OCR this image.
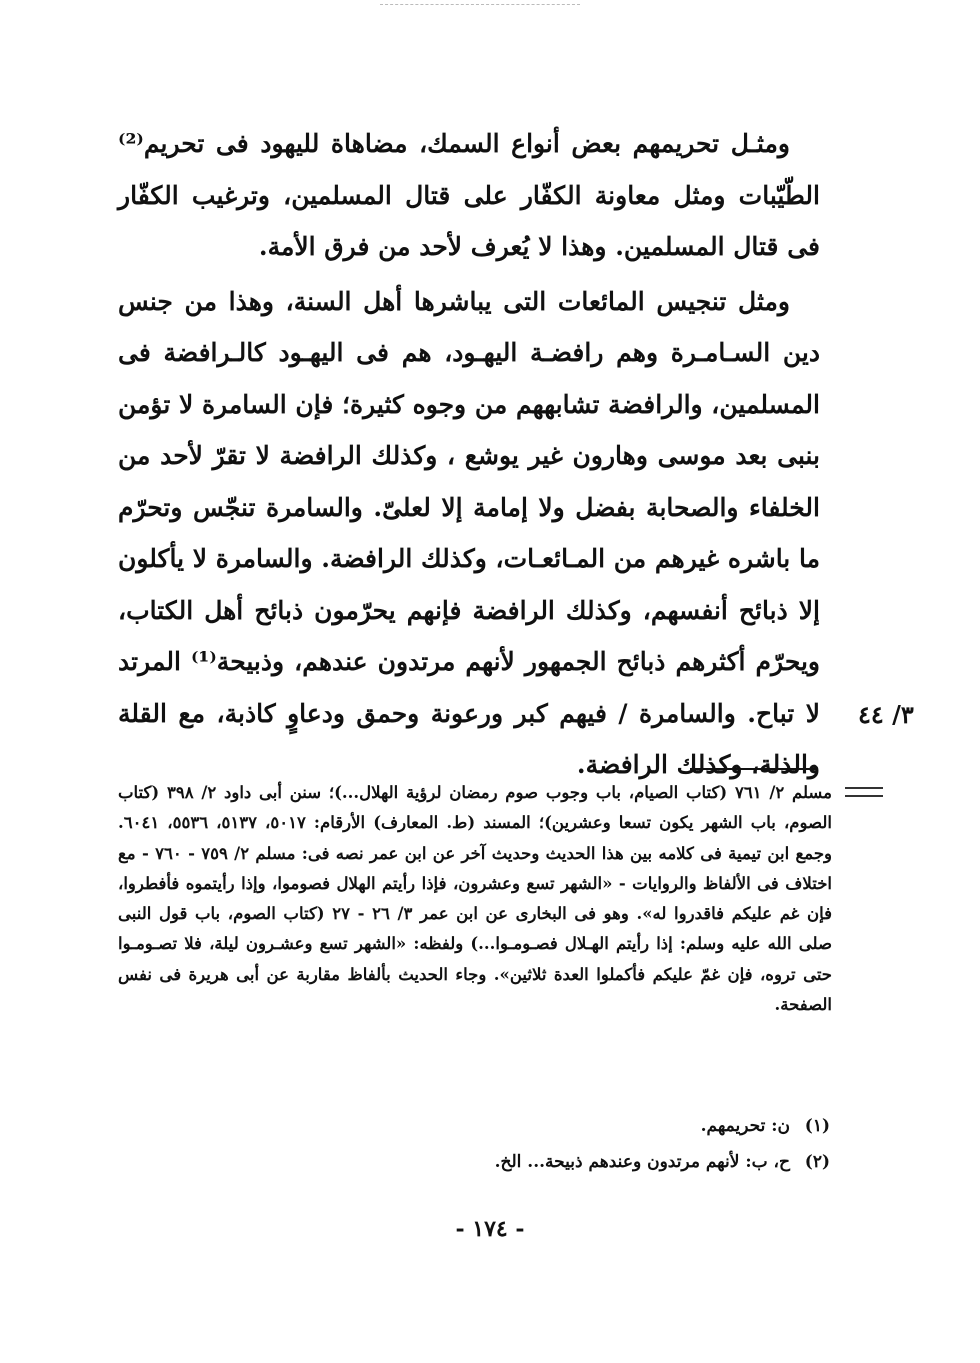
ومثـل تحريمهم بعض أنواع السمك، مضاهاة لليهود فى تحريم⁽²⁾ الطّيّبات ومثل معاونة الكفّار على قتال المسلمين، وترغيب الكفّار فى قتال المسلمين. وهذا لا يُعرف لأحد من فرق الأمة.

ومثل تنجيس المائعات التى يباشرها أهل السنة، وهذا من جنس دين السـامـرة وهم رافضـة اليهـود، هم فى اليهـود كالـرافضة فى المسلمين، والرافضة تشابههم من وجوه كثيرة؛ فإن السامرة لا تؤمن بنبى بعد موسى وهارون غير يوشع ، وكذلك الرافضة لا تقرّ لأحد من الخلفاء والصحابة بفضل ولا إمامة إلا لعلىّ. والسامرة تنجّس وتحرّم ما باشره غيرهم من المـائعـات، وكذلك الرافضة. والسامرة لا يأكلون إلا ذبائح أنفسهم، وكذلك الرافضة فإنهم يحرّمون ذبائح أهل الكتاب، ويحرّم أكثرهم ذبائح الجمهور لأنهم مرتدون عندهم، وذبيحة⁽¹⁾ المرتد لا تباح. والسامرة / فيهم كبر ورعونة وحمق ودعاوٍ كاذبة، مع القلة والذلة، وكذلك الرافضة.

٣/ ٤٤
مسلم ٢/ ٧٦١ (كتاب الصيام، باب وجوب صوم رمضان لرؤية الهلال...)؛ سنن أبى داود ٢/ ٣٩٨ (كتاب الصوم، باب الشهر يكون تسعا وعشرين)؛ المسند (ط. المعارف) الأرقام: ٥٠١٧، ٥١٣٧، ٥٥٣٦، ٦٠٤١. وجمع ابن تيمية فى كلامه بين هذا الحديث وحديث آخر عن ابن عمر نصه فى: مسلم ٢/ ٧٥٩ - ٧٦٠ - مع اختلاف فى الألفاظ والروايات - «الشهر تسع وعشرون، فإذا رأيتم الهلال فصوموا، وإذا رأيتموه فأفطروا، فإن غم عليكم فاقدروا له». وهو فى البخارى عن ابن عمر ٣/ ٢٦ - ٢٧ (كتاب الصوم، باب قول النبى صلى الله عليه وسلم: إذا رأيتم الهـلال فصـومـوا...) ولفظه: «الشهر تسع وعشـرون ليلة، فلا تصـومـوا حتى تروه، فإن غمّ عليكم فأكملوا العدة ثلاثين». وجاء الحديث بألفاظ مقاربة عن أبى هريرة فى نفس الصفحة.
(١)
ن: تحريمهم.
(٢)
ح، ب: لأنهم مرتدون وعندهم ذبيحة... الخ.
- ١٧٤ -
